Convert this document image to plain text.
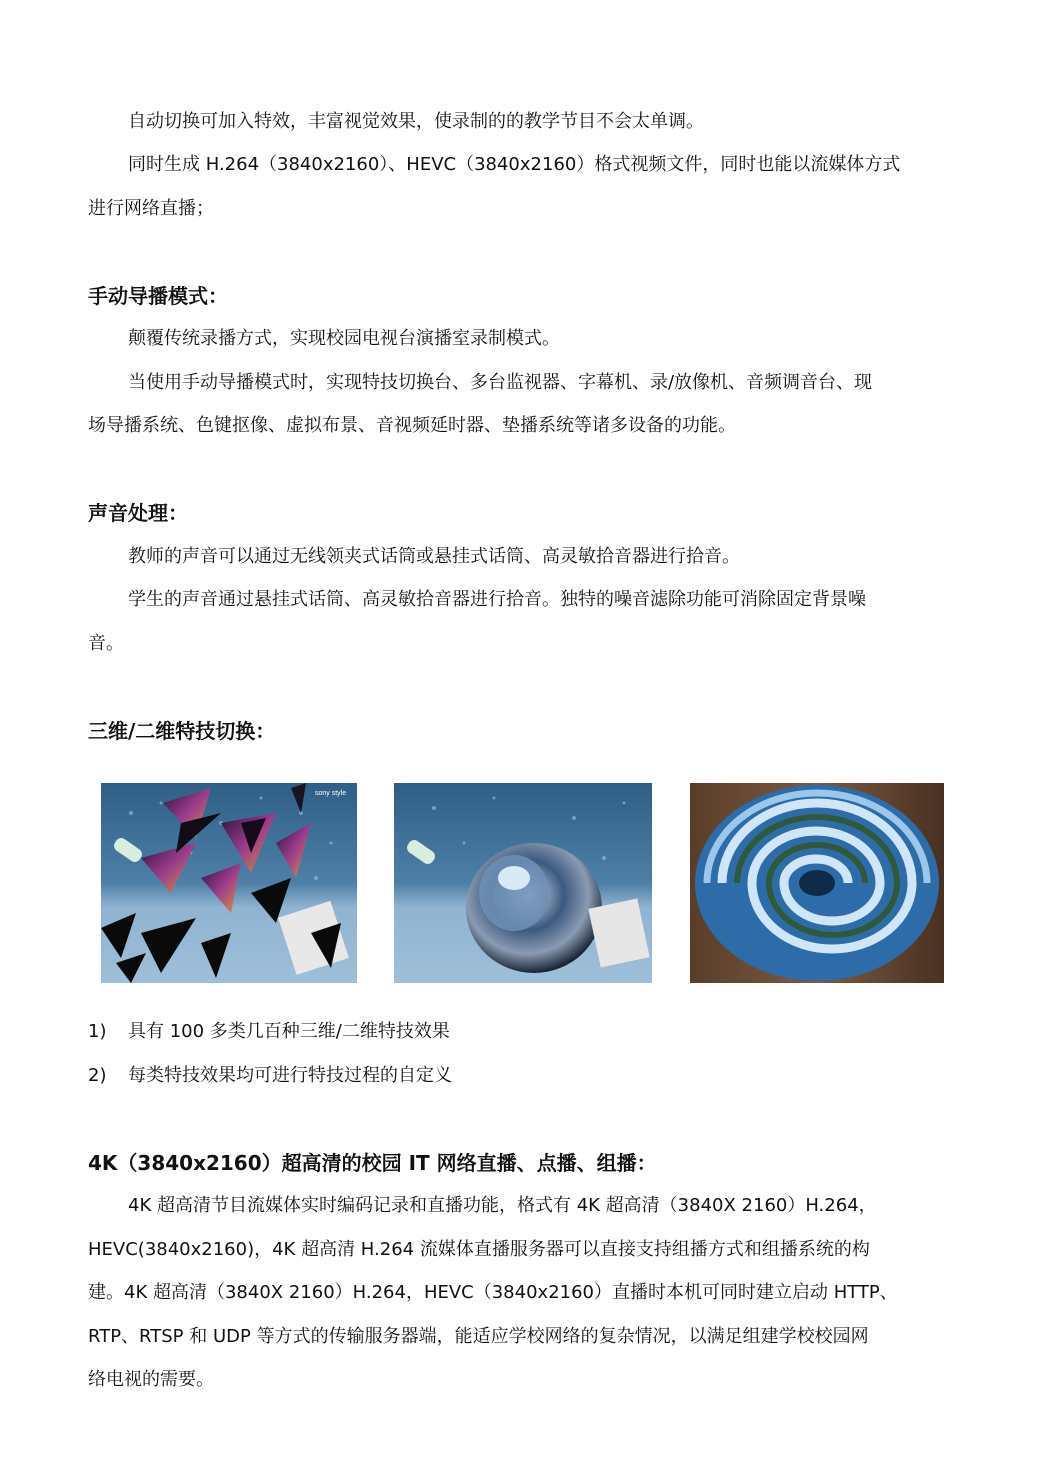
自动切换可加入特效，丰富视觉效果，使录制的的教学节目不会太单调。

同时生成 H.264（3840x2160）、HEVC（3840x2160）格式视频文件，同时也能以流媒体方式

进行网络直播；

手动导播模式：

颠覆传统录播方式，实现校园电视台演播室录制模式。

当使用手动导播模式时，实现特技切换台、多台监视器、字幕机、录/放像机、音频调音台、现

场导播系统、色键抠像、虚拟布景、音视频延时器、垫播系统等诸多设备的功能。

声音处理：

教师的声音可以通过无线领夹式话筒或悬挂式话筒、高灵敏拾音器进行拾音。

学生的声音通过悬挂式话筒、高灵敏拾音器进行拾音。独特的噪音滤除功能可消除固定背景噪

音。

三维/二维特技切换：
sony style

1) 具有 100 多类几百种三维/二维特技效果

2) 每类特技效果均可进行特技过程的自定义

4K（3840x2160）超高清的校园 IT 网络直播、点播、组播：

4K 超高清节目流媒体实时编码记录和直播功能，格式有 4K 超高清（3840X 2160）H.264，

HEVC(3840x2160)，4K 超高清 H.264 流媒体直播服务器可以直接支持组播方式和组播系统的构

建。4K 超高清（3840X 2160）H.264，HEVC（3840x2160）直播时本机可同时建立启动 HTTP、

RTP、RTSP 和 UDP 等方式的传输服务器端，能适应学校网络的复杂情况，以满足组建学校校园网

络电视的需要。
